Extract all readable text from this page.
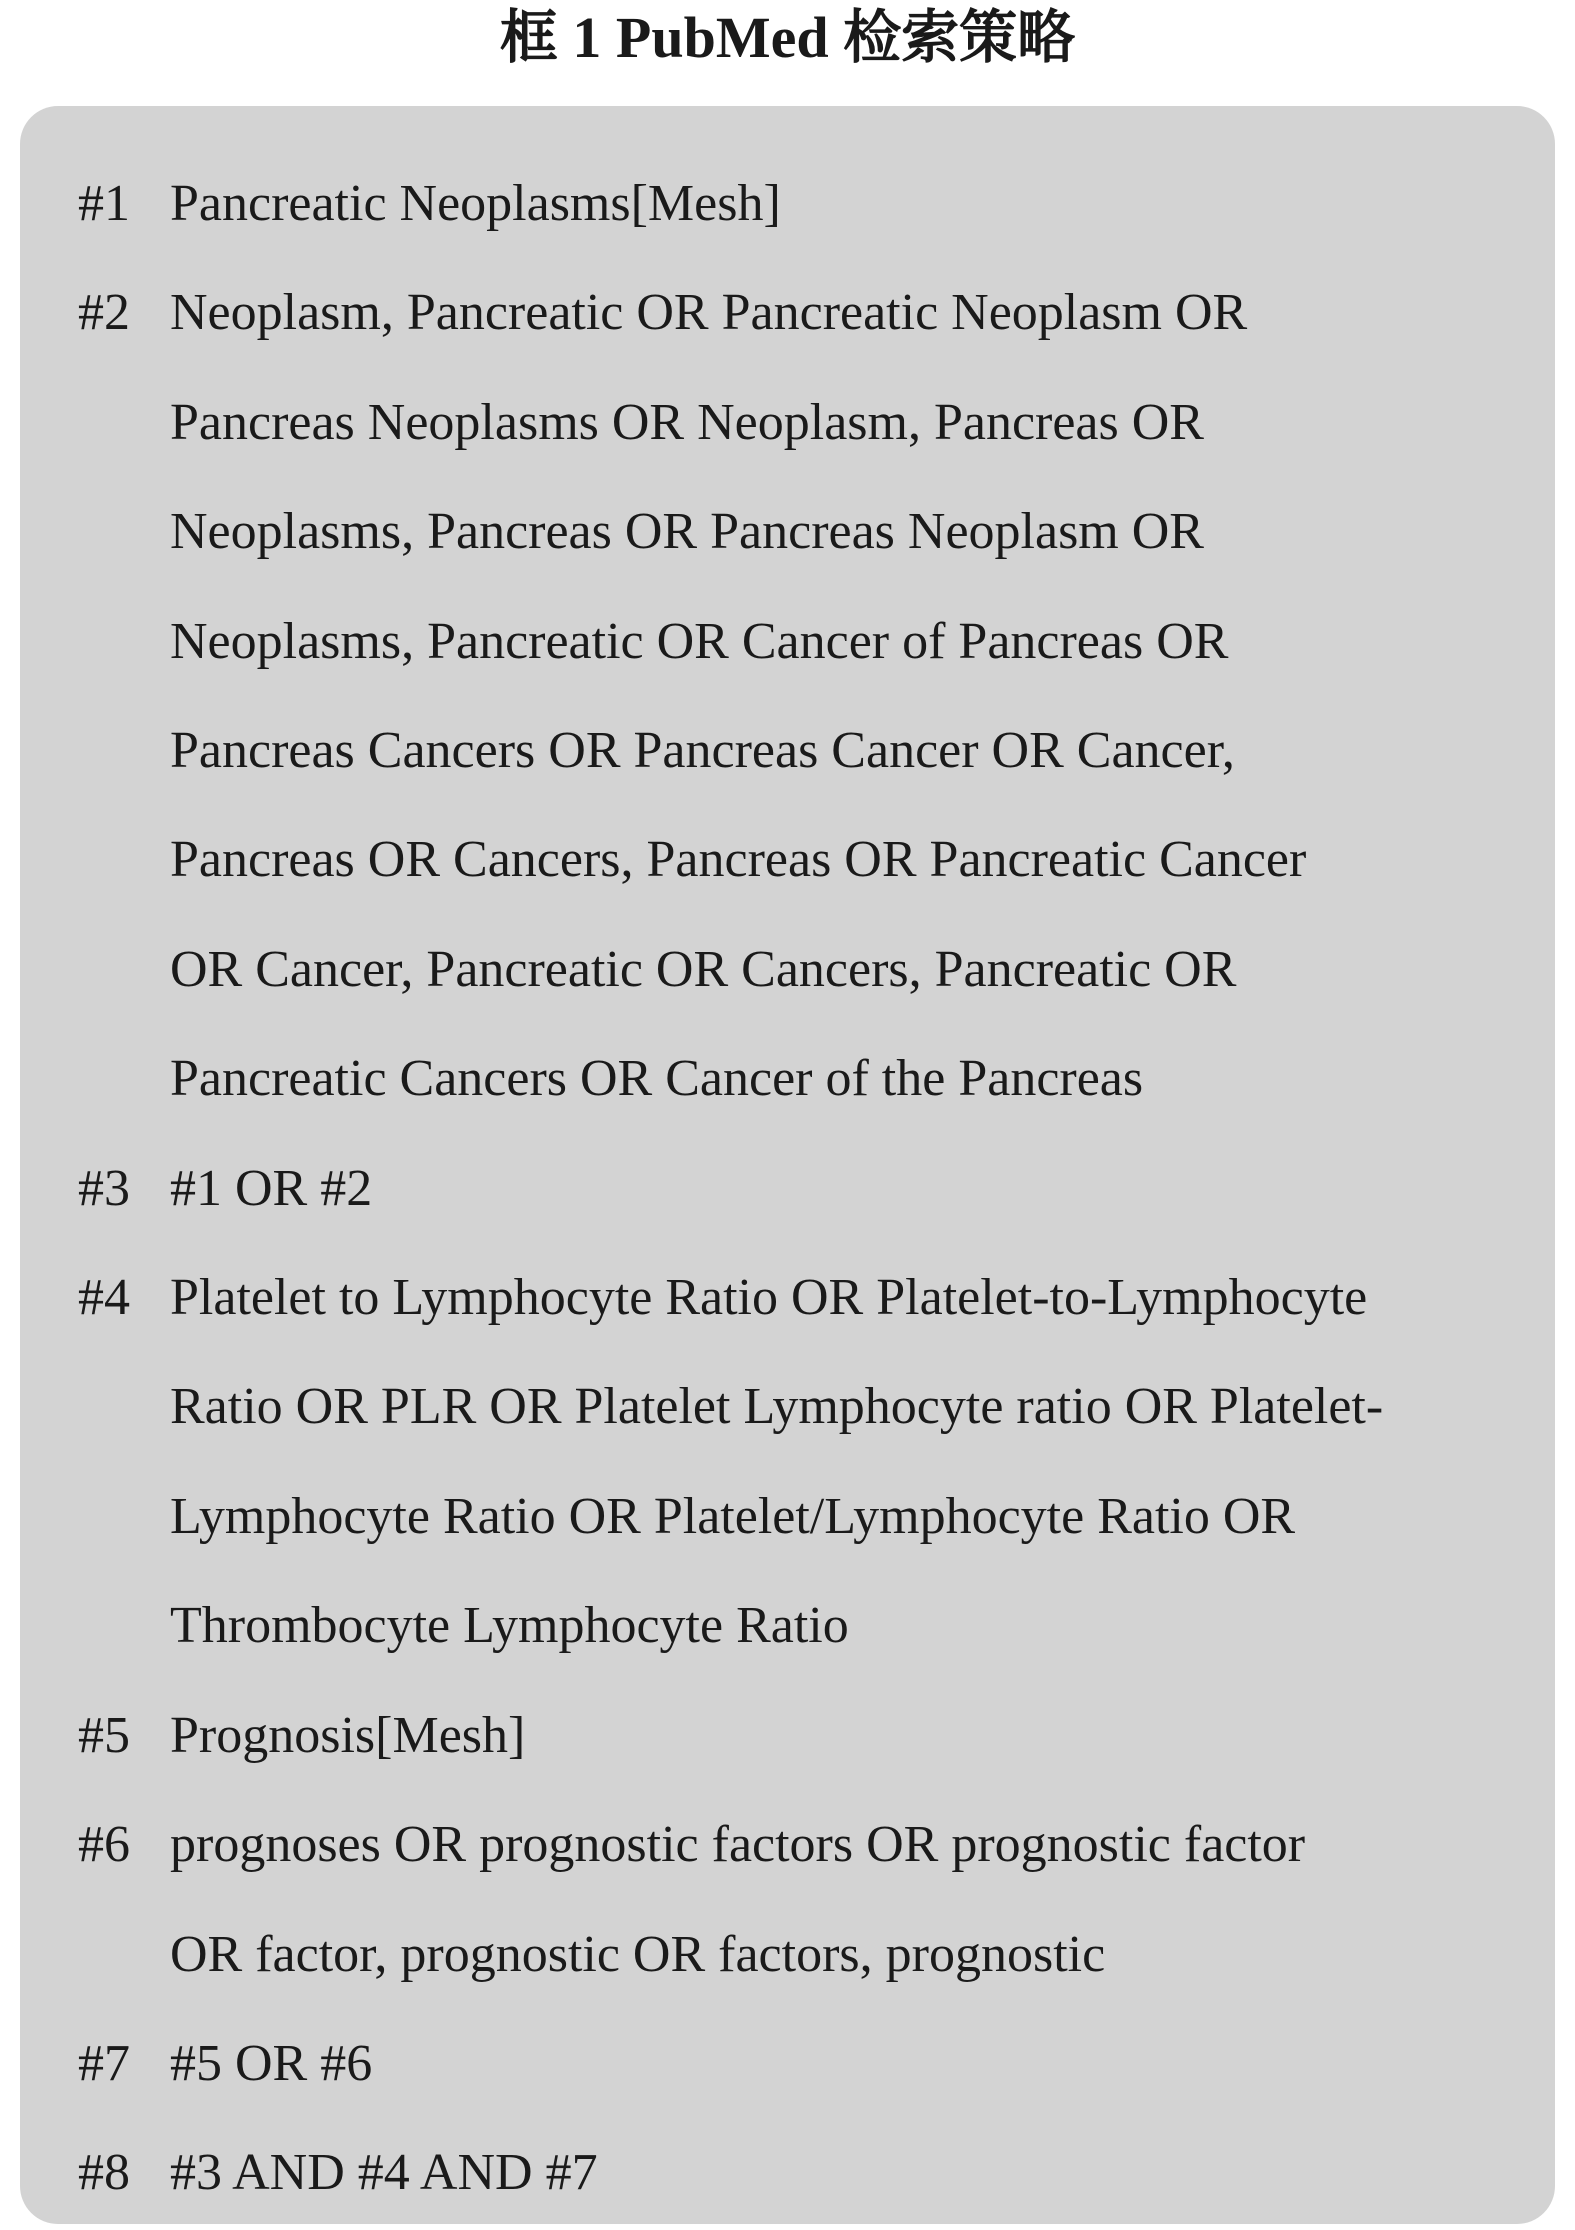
框 1 PubMed 检索策略
#1 Pancreatic Neoplasms[Mesh]
#2 Neoplasm, Pancreatic OR Pancreatic Neoplasm OR
Pancreas Neoplasms OR Neoplasm, Pancreas OR
Neoplasms, Pancreas OR Pancreas Neoplasm OR
Neoplasms, Pancreatic OR Cancer of Pancreas OR
Pancreas Cancers OR Pancreas Cancer OR Cancer,
Pancreas OR Cancers, Pancreas OR Pancreatic Cancer
OR Cancer, Pancreatic OR Cancers, Pancreatic OR
Pancreatic Cancers OR Cancer of the Pancreas
#3 #1 OR #2
#4 Platelet to Lymphocyte Ratio OR Platelet-to-Lymphocyte
Ratio OR PLR OR Platelet Lymphocyte ratio OR Platelet-
Lymphocyte Ratio OR Platelet/Lymphocyte Ratio OR
Thrombocyte Lymphocyte Ratio
#5 Prognosis[Mesh]
#6 prognoses OR prognostic factors OR prognostic factor
OR factor, prognostic OR factors, prognostic
#7 #5 OR #6
#8 #3 AND #4 AND #7
